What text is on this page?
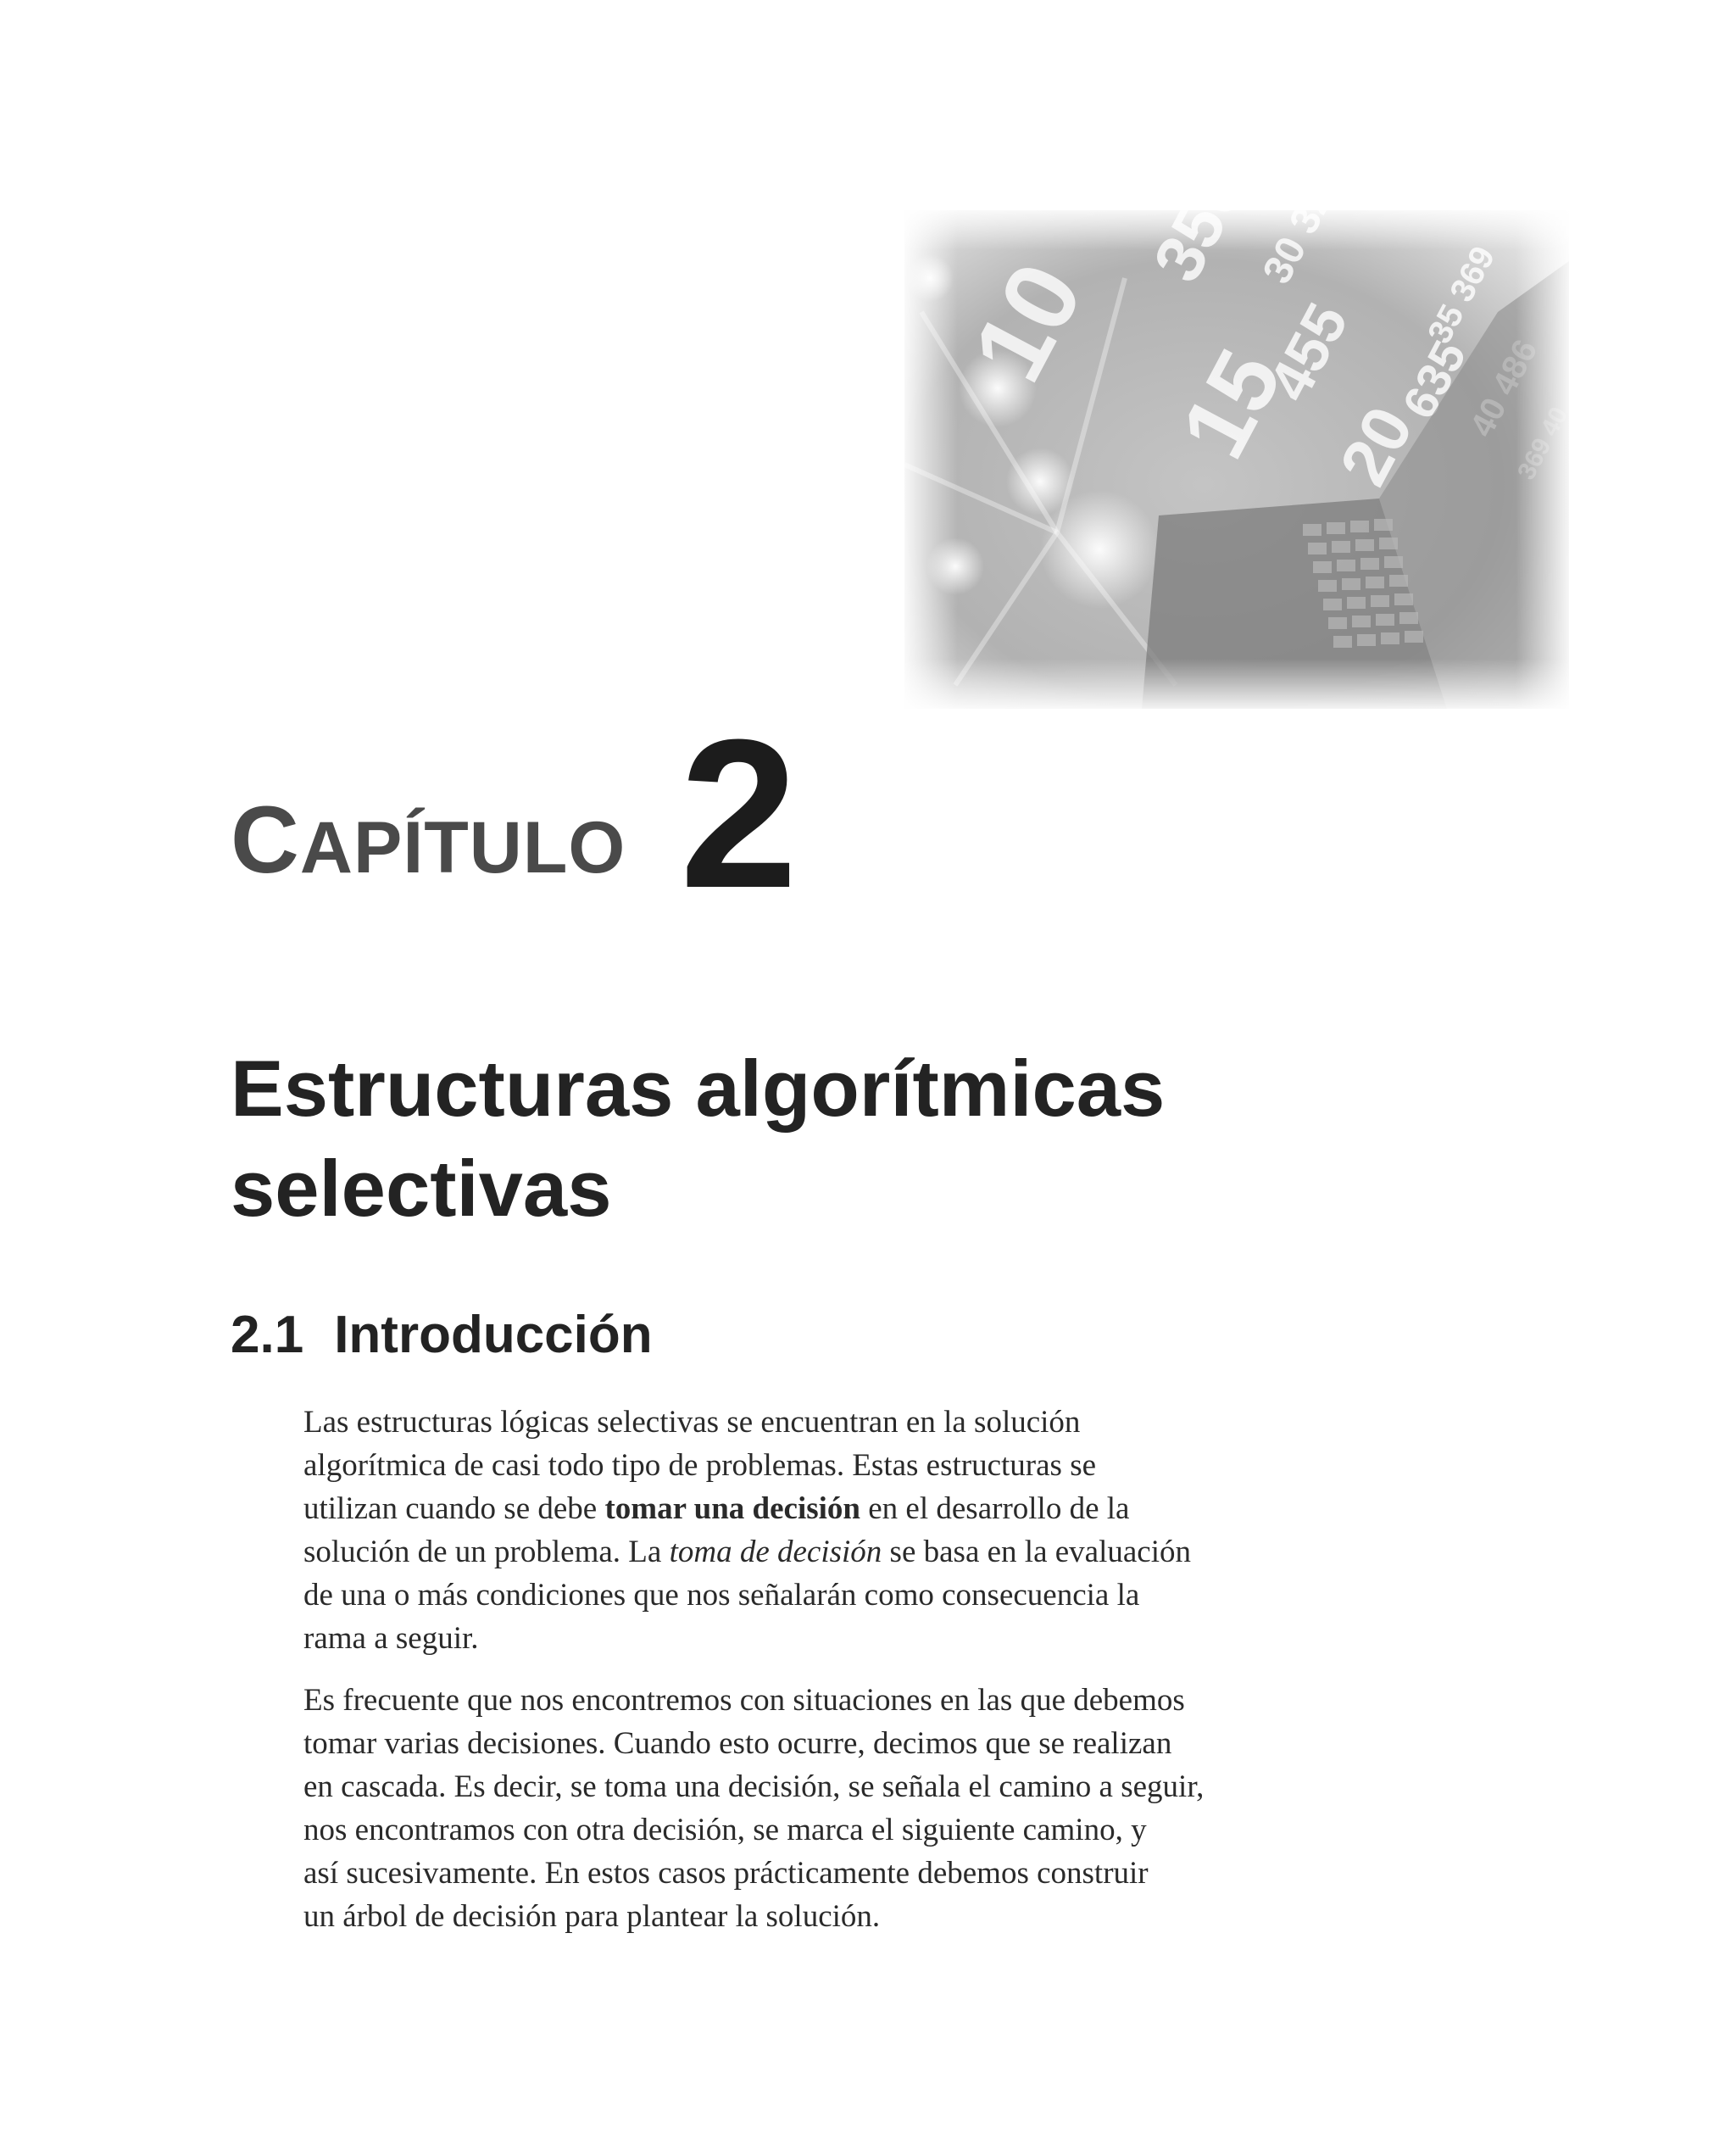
CAPÍTULO 2
Estructuras algorítmicas
selectivas
2.1 Introducción

Las estructuras lógicas selectivas se encuentran en la solución
algorítmica de casi todo tipo de problemas. Estas estructuras se
utilizan cuando se debe tomar una decisión en el desarrollo de la
solución de un problema. La toma de decisión se basa en la evaluación
de una o más condiciones que nos señalarán como consecuencia la
rama a seguir.

Es frecuente que nos encontremos con situaciones en las que debemos
tomar varias decisiones. Cuando esto ocurre, decimos que se realizan
en cascada. Es decir, se toma una decisión, se señala el camino a seguir,
nos encontramos con otra decisión, se marca el siguiente camino, y
así sucesivamente. En estos casos prácticamente debemos construir
un árbol de decisión para plantear la solución.
